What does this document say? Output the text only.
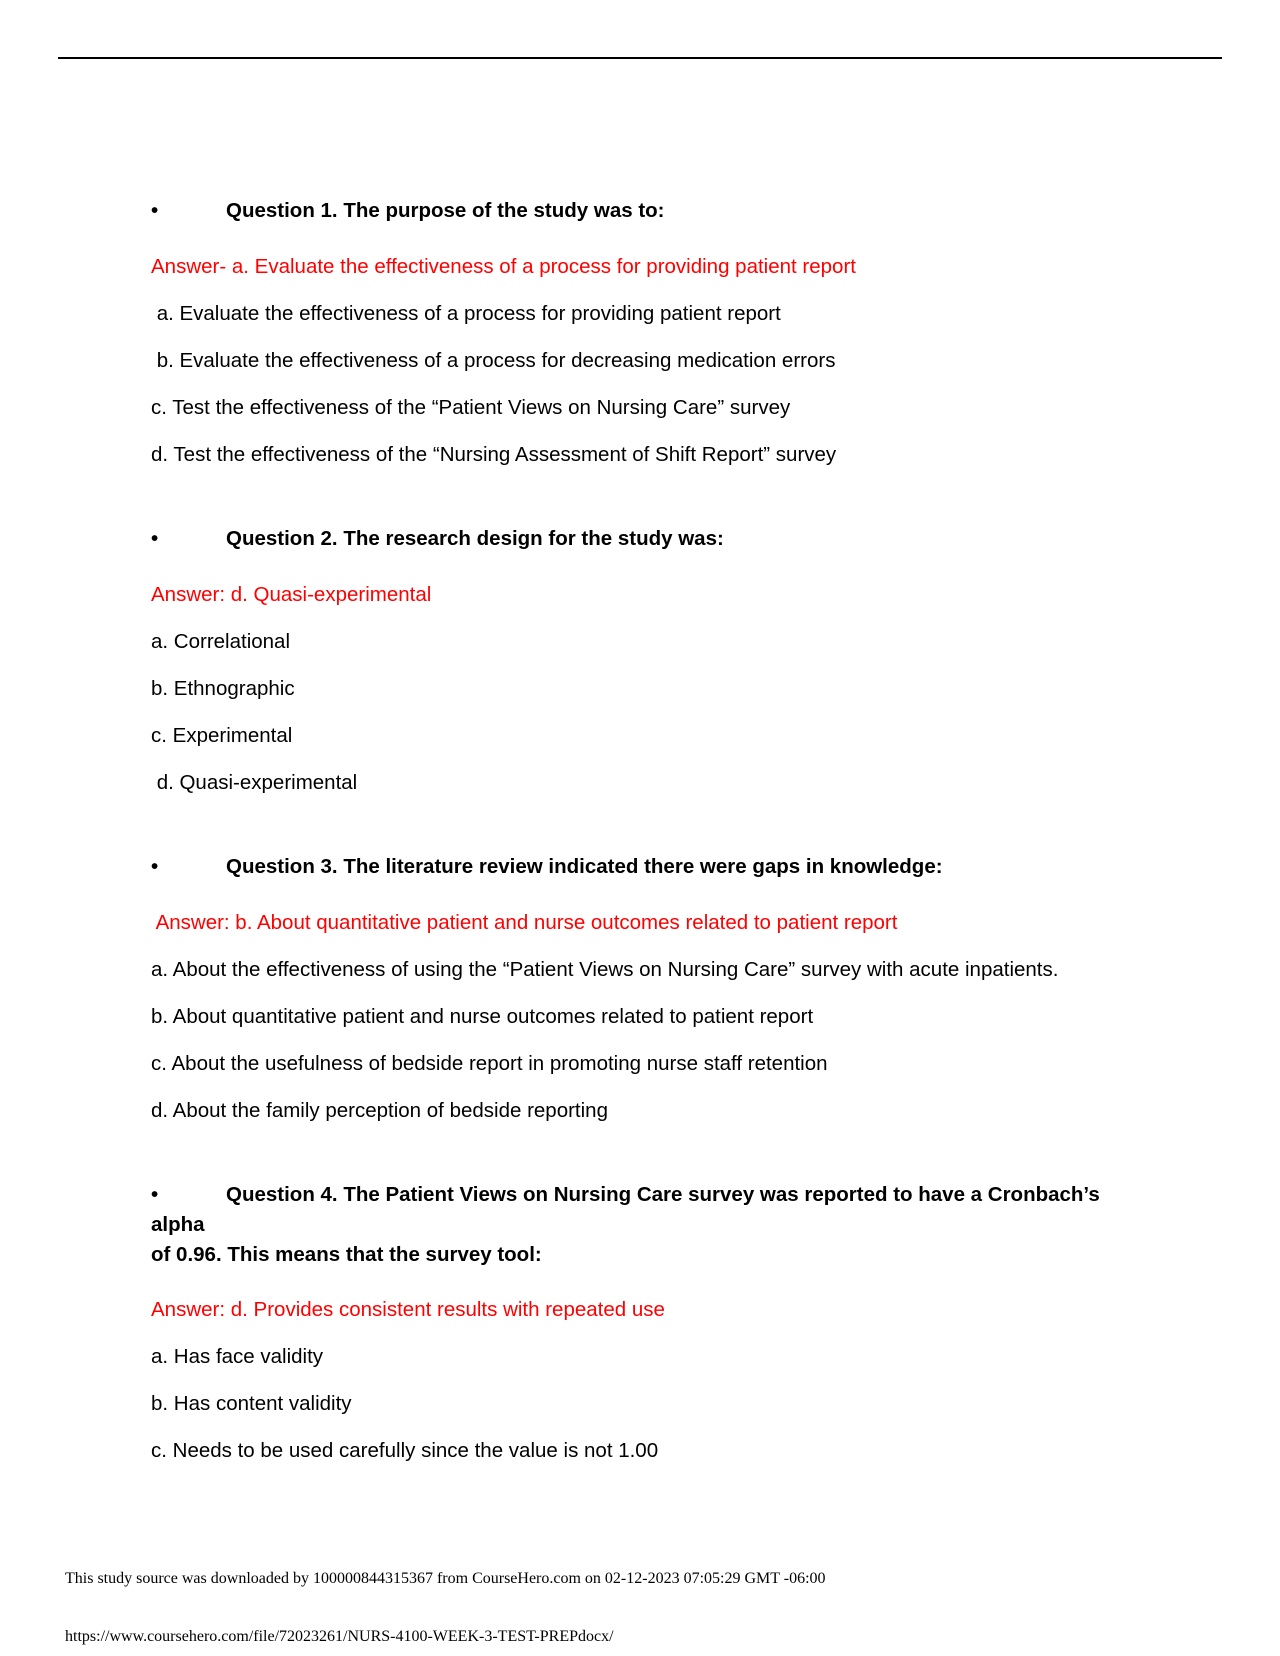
•	Question 1. The purpose of the study was to:

Answer- a. Evaluate the effectiveness of a process for providing patient report

a. Evaluate the effectiveness of a process for providing patient report

b. Evaluate the effectiveness of a process for decreasing medication errors

c. Test the effectiveness of the “Patient Views on Nursing Care” survey

d. Test the effectiveness of the “Nursing Assessment of Shift Report” survey

•	Question 2. The research design for the study was:

Answer: d. Quasi-experimental

a. Correlational

b. Ethnographic

c. Experimental

d. Quasi-experimental

•	Question 3. The literature review indicated there were gaps in knowledge:

Answer: b. About quantitative patient and nurse outcomes related to patient report

a. About the effectiveness of using the “Patient Views on Nursing Care” survey with acute inpatients.

b. About quantitative patient and nurse outcomes related to patient report

c. About the usefulness of bedside report in promoting nurse staff retention

d. About the family perception of bedside reporting

•	Question 4. The Patient Views on Nursing Care survey was reported to have a Cronbach’s alpha
of 0.96. This means that the survey tool:

Answer: d. Provides consistent results with repeated use

a. Has face validity

b. Has content validity

c. Needs to be used carefully since the value is not 1.00

This study source was downloaded by 100000844315367 from CourseHero.com on 02-12-2023 07:05:29 GMT -06:00
https://www.coursehero.com/file/72023261/NURS-4100-WEEK-3-TEST-PREPdocx/
